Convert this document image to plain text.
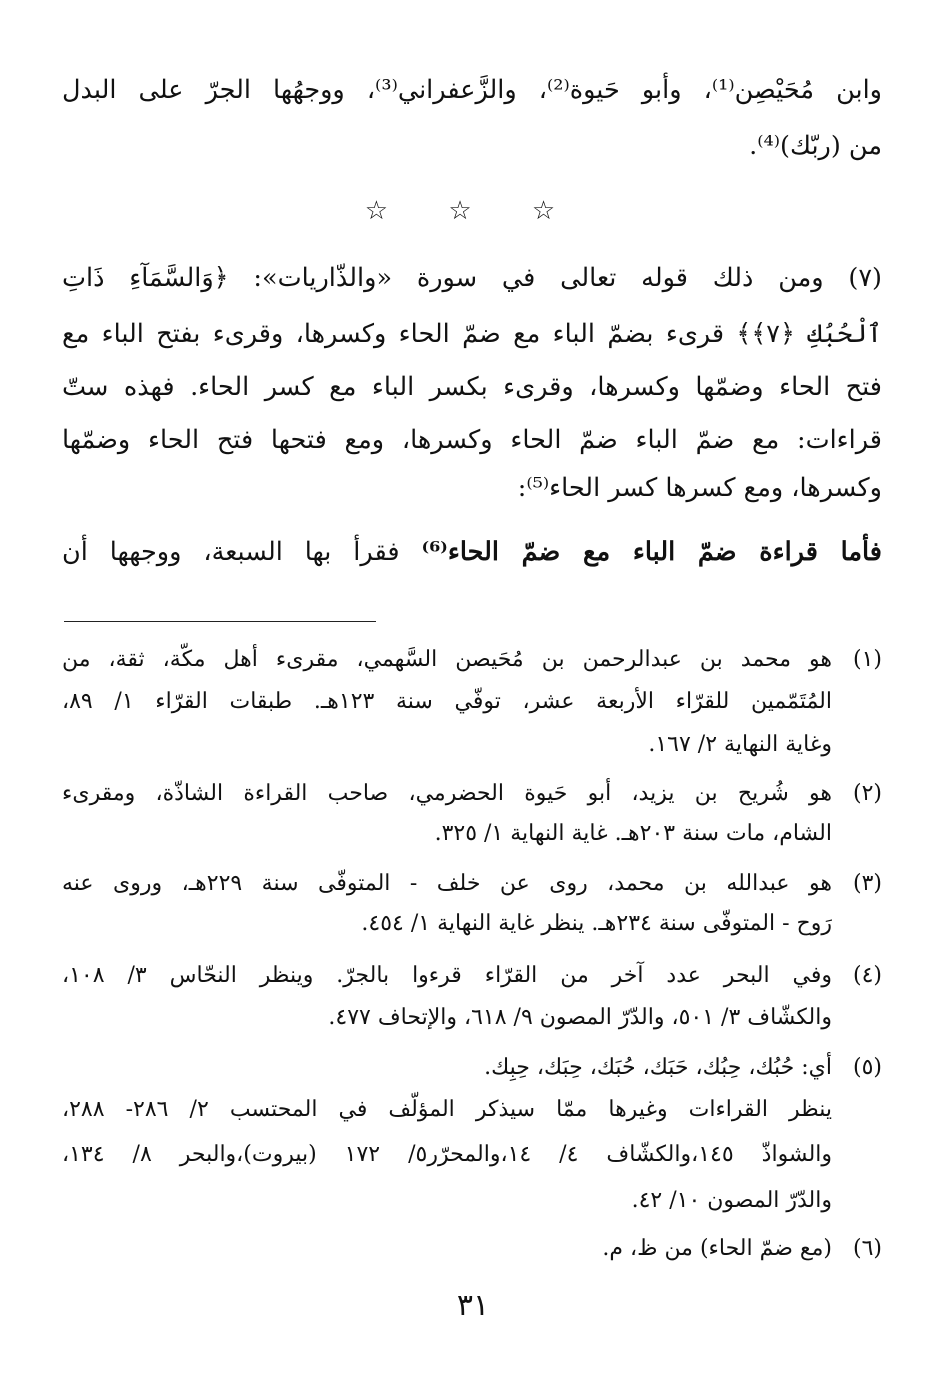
وابن مُحَيْصِن⁽¹⁾، وأبو حَيوة⁽²⁾، والزَّعفراني⁽³⁾، ووجهُها الجرّ على البدل
من (ربّك)⁽⁴⁾.
☆ ☆ ☆
(٧) ومن ذلك قوله تعالى في سورة «والذّاريات»: ﴿وَالسَّمَآءِ ذَاتِ
ٱلْحُبُكِ ﴿٧﴾﴾ قرىء بضمّ الباء مع ضمّ الحاء وكسرها، وقرىء بفتح الباء مع
فتح الحاء وضمّها وكسرها، وقرىء بكسر الباء مع كسر الحاء. فهذه ستّ
قراءات: مع ضمّ الباء ضمّ الحاء وكسرها، ومع فتحها فتح الحاء وضمّها
وكسرها، ومع كسرها كسر الحاء⁽⁵⁾:
فأما قراءة ضمّ الباء مع ضمّ الحاء⁽⁶⁾ فقرأ بها السبعة، ووجهها أن
(١)
هو محمد بن عبدالرحمن بن مُحَيصن السَّهمي، مقرىء أهل مكّة، ثقة، من
المُتَمّمين للقرّاء الأربعة عشر، توفّي سنة ١٢٣هـ. طبقات القرّاء ١/ ٨٩،
وغاية النهاية ٢/ ١٦٧.
(٢)
هو شُريح بن يزيد، أبو حَيوة الحضرمي، صاحب القراءة الشاذّة، ومقرىء
الشام، مات سنة ٢٠٣هـ. غاية النهاية ١/ ٣٢٥.
(٣)
هو عبدالله بن محمد، روى عن خلف - المتوفّى سنة ٢٢٩هـ، وروى عنه
رَوح - المتوفّى سنة ٢٣٤هـ. ينظر غاية النهاية ١/ ٤٥٤.
(٤)
وفي البحر عدد آخر من القرّاء قرءوا بالجرّ. وينظر النحّاس ٣/ ١٠٨،
والكشّاف ٣/ ٥٠١، والدّرّ المصون ٩/ ٦١٨، والإتحاف ٤٧٧.
(٥)
أي: حُبُك، حِبُك، حَبَك، حُبَك، حِبَك، حِبِك.
ينظر القراءات وغيرها ممّا سيذكر المؤلّف في المحتسب ٢/ ٢٨٦- ٢٨٨،
والشواذّ ١٤٥،والكشّاف ٤/ ١٤،والمحرّر٥/ ١٧٢ (بيروت)،والبحر ٨/ ١٣٤،
والدّرّ المصون ١٠/ ٤٢.
(٦)
(مع ضمّ الحاء) من ظ، م.
٣١
